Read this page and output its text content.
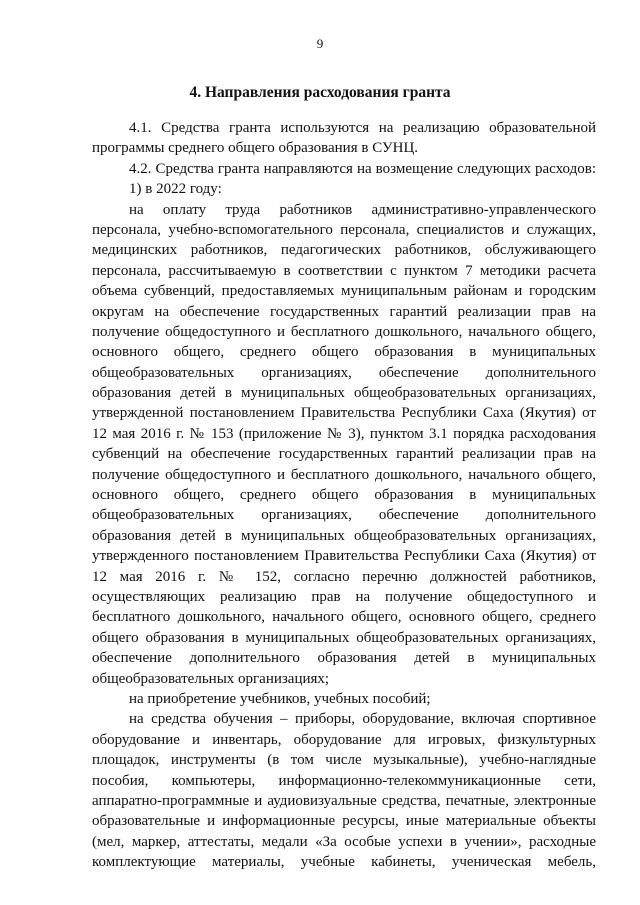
9
4. Направления расходования гранта
4.1. Средства гранта используются на реализацию образовательной
программы среднего общего образования в СУНЦ.
4.2. Средства гранта направляются на возмещение следующих расходов:
1) в 2022 году:
на оплату труда работников административно-управленческого
персонала, учебно-вспомогательного персонала, специалистов и служащих,
медицинских работников, педагогических работников, обслуживающего
персонала, рассчитываемую в соответствии с пунктом 7 методики расчета
объема субвенций, предоставляемых муниципальным районам и городским
округам на обеспечение государственных гарантий реализации прав на
получение общедоступного и бесплатного дошкольного, начального общего,
основного общего, среднего общего образования в муниципальных
общеобразовательных организациях, обеспечение дополнительного
образования детей в муниципальных общеобразовательных организациях,
утвержденной постановлением Правительства Республики Саха (Якутия) от
12 мая 2016 г. № 153 (приложение № 3), пунктом 3.1 порядка расходования
субвенций на обеспечение государственных гарантий реализации прав на
получение общедоступного и бесплатного дошкольного, начального общего,
основного общего, среднего общего образования в муниципальных
общеобразовательных организациях, обеспечение дополнительного
образования детей в муниципальных общеобразовательных организациях,
утвержденного постановлением Правительства Республики Саха (Якутия) от
12 мая 2016 г. № 152, согласно перечню должностей работников,
осуществляющих реализацию прав на получение общедоступного и
бесплатного дошкольного, начального общего, основного общего, среднего
общего образования в муниципальных общеобразовательных организациях,
обеспечение дополнительного образования детей в муниципальных
общеобразовательных организациях;
на приобретение учебников, учебных пособий;
на средства обучения – приборы, оборудование, включая спортивное
оборудование и инвентарь, оборудование для игровых, физкультурных
площадок, инструменты (в том числе музыкальные), учебно-наглядные
пособия, компьютеры, информационно-телекоммуникационные сети,
аппаратно-программные и аудиовизуальные средства, печатные, электронные
образовательные и информационные ресурсы, иные материальные объекты
(мел, маркер, аттестаты, медали «За особые успехи в учении», расходные
комплектующие материалы, учебные кабинеты, ученическая мебель,
